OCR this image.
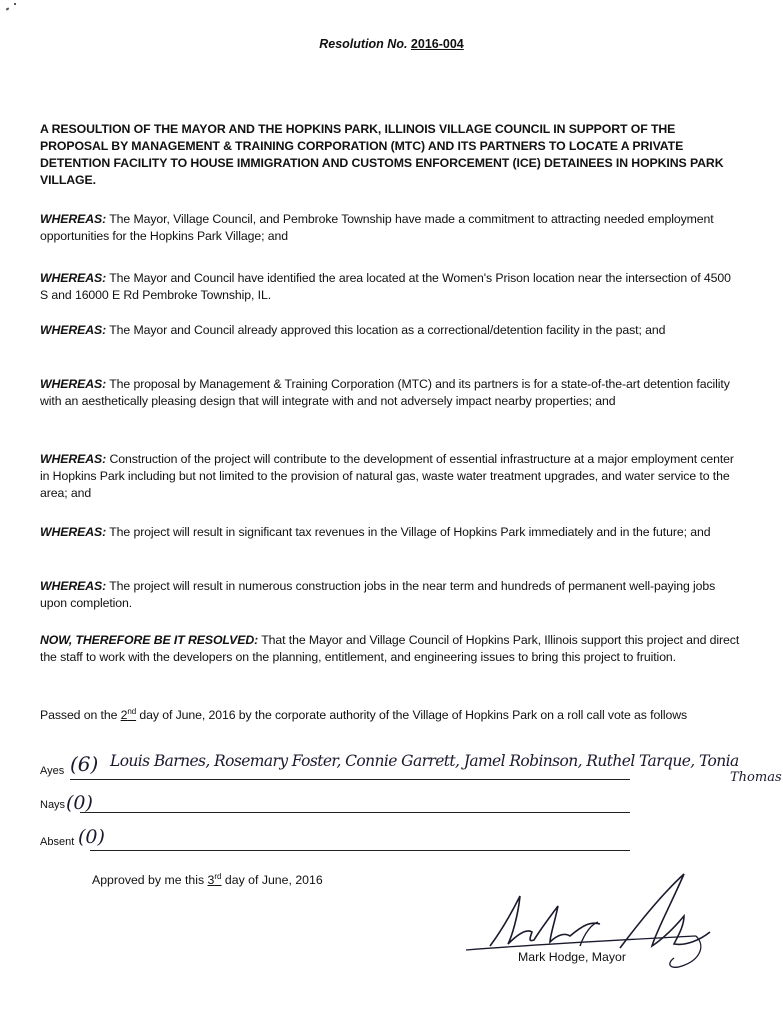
Resolution No. 2016-004
A RESOULTION OF THE MAYOR AND THE HOPKINS PARK, ILLINOIS VILLAGE COUNCIL IN SUPPORT OF THE PROPOSAL BY MANAGEMENT & TRAINING CORPORATION (MTC) AND ITS PARTNERS TO LOCATE A PRIVATE DETENTION FACILITY TO HOUSE IMMIGRATION AND CUSTOMS ENFORCEMENT (ICE) DETAINEES IN HOPKINS PARK VILLAGE.
WHEREAS: The Mayor, Village Council, and Pembroke Township have made a commitment to attracting needed employment opportunities for the Hopkins Park Village; and
WHEREAS: The Mayor and Council have identified the area located at the Women's Prison location near the intersection of 4500 S and 16000 E Rd Pembroke Township, IL.
WHEREAS: The Mayor and Council already approved this location as a correctional/detention facility in the past; and
WHEREAS: The proposal by Management & Training Corporation (MTC) and its partners is for a state-of-the-art detention facility with an aesthetically pleasing design that will integrate with and not adversely impact nearby properties; and
WHEREAS: Construction of the project will contribute to the development of essential infrastructure at a major employment center in Hopkins Park including but not limited to the provision of natural gas, waste water treatment upgrades, and water service to the area; and
WHEREAS: The project will result in significant tax revenues in the Village of Hopkins Park immediately and in the future; and
WHEREAS: The project will result in numerous construction jobs in the near term and hundreds of permanent well-paying jobs upon completion.
NOW, THEREFORE BE IT RESOLVED: That the Mayor and Village Council of Hopkins Park, Illinois support this project and direct the staff to work with the developers on the planning, entitlement, and engineering issues to bring this project to fruition.
Passed on the 2nd day of June, 2016 by the corporate authority of the Village of Hopkins Park on a roll call vote as follows
Ayes (6) Louis Barnes, Rosemary Foster, Connie Garrett, Jamel Robinson, Ruthel Tarque, Tonia
Thomas
Nays (0)
Absent (0)
Approved by me this 3rd day of June, 2016
Mark Hodge, Mayor
